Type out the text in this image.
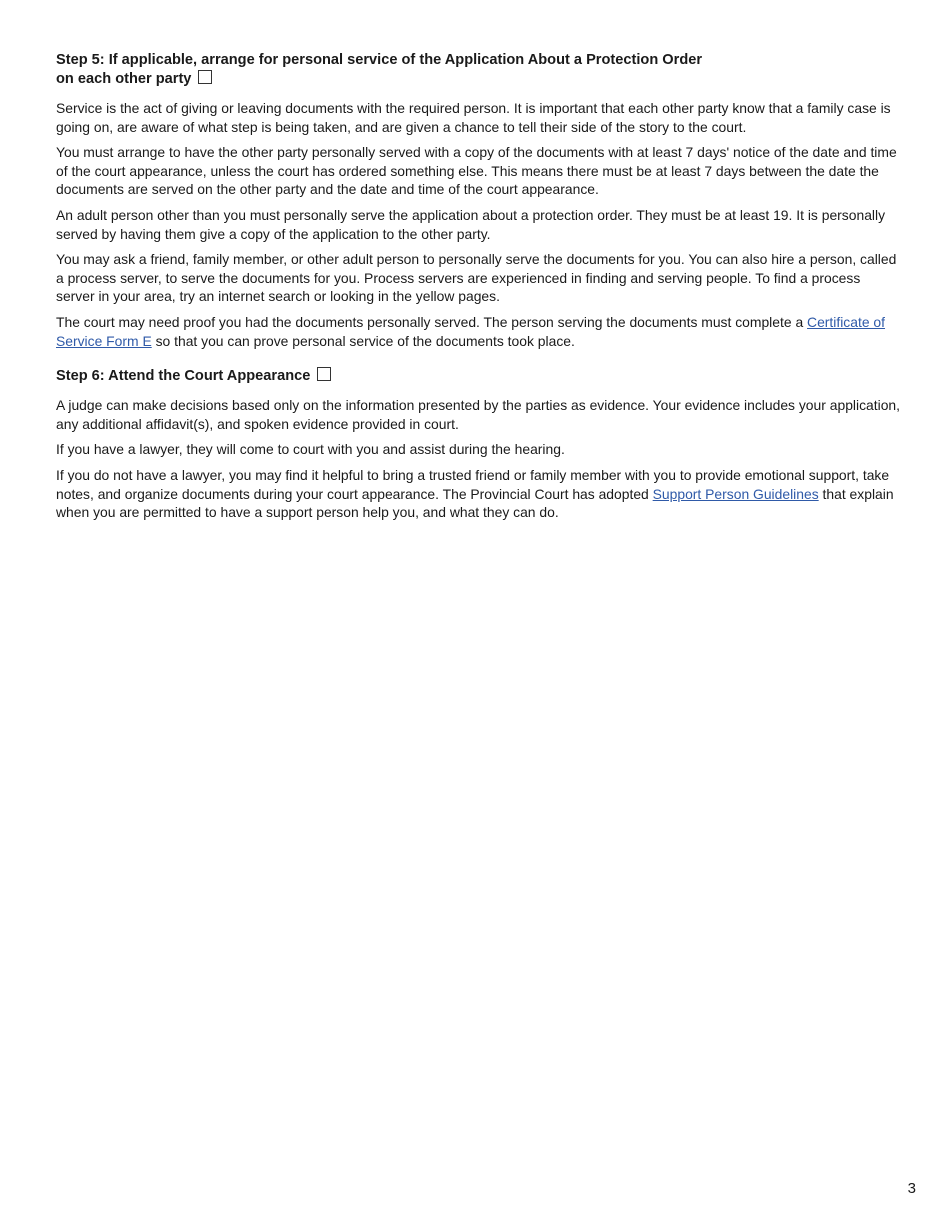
Step 5: If applicable, arrange for personal service of the Application About a Protection Order
on each other party

Service is the act of giving or leaving documents with the required person. It is important that each other party know that a family case is going on, are aware of what step is being taken, and are given a chance to tell their side of the story to the court.

You must arrange to have the other party personally served with a copy of the documents with at least 7 days' notice of the date and time of the court appearance, unless the court has ordered something else. This means there must be at least 7 days between the date the documents are served on the other party and the date and time of the court appearance.

An adult person other than you must personally serve the application about a protection order. They must be at least 19. It is personally served by having them give a copy of the application to the other party.

You may ask a friend, family member, or other adult person to personally serve the documents for you. You can also hire a person, called a process server, to serve the documents for you. Process servers are experienced in finding and serving people. To find a process server in your area, try an internet search or looking in the yellow pages.

The court may need proof you had the documents personally served. The person serving the documents must complete a Certificate of Service Form E so that you can prove personal service of the documents took place.

Step 6: Attend the Court Appearance

A judge can make decisions based only on the information presented by the parties as evidence. Your evidence includes your application, any additional affidavit(s), and spoken evidence provided in court.

If you have a lawyer, they will come to court with you and assist during the hearing.

If you do not have a lawyer, you may find it helpful to bring a trusted friend or family member with you to provide emotional support, take notes, and organize documents during your court appearance. The Provincial Court has adopted Support Person Guidelines that explain when you are permitted to have a support person help you, and what they can do.

3
